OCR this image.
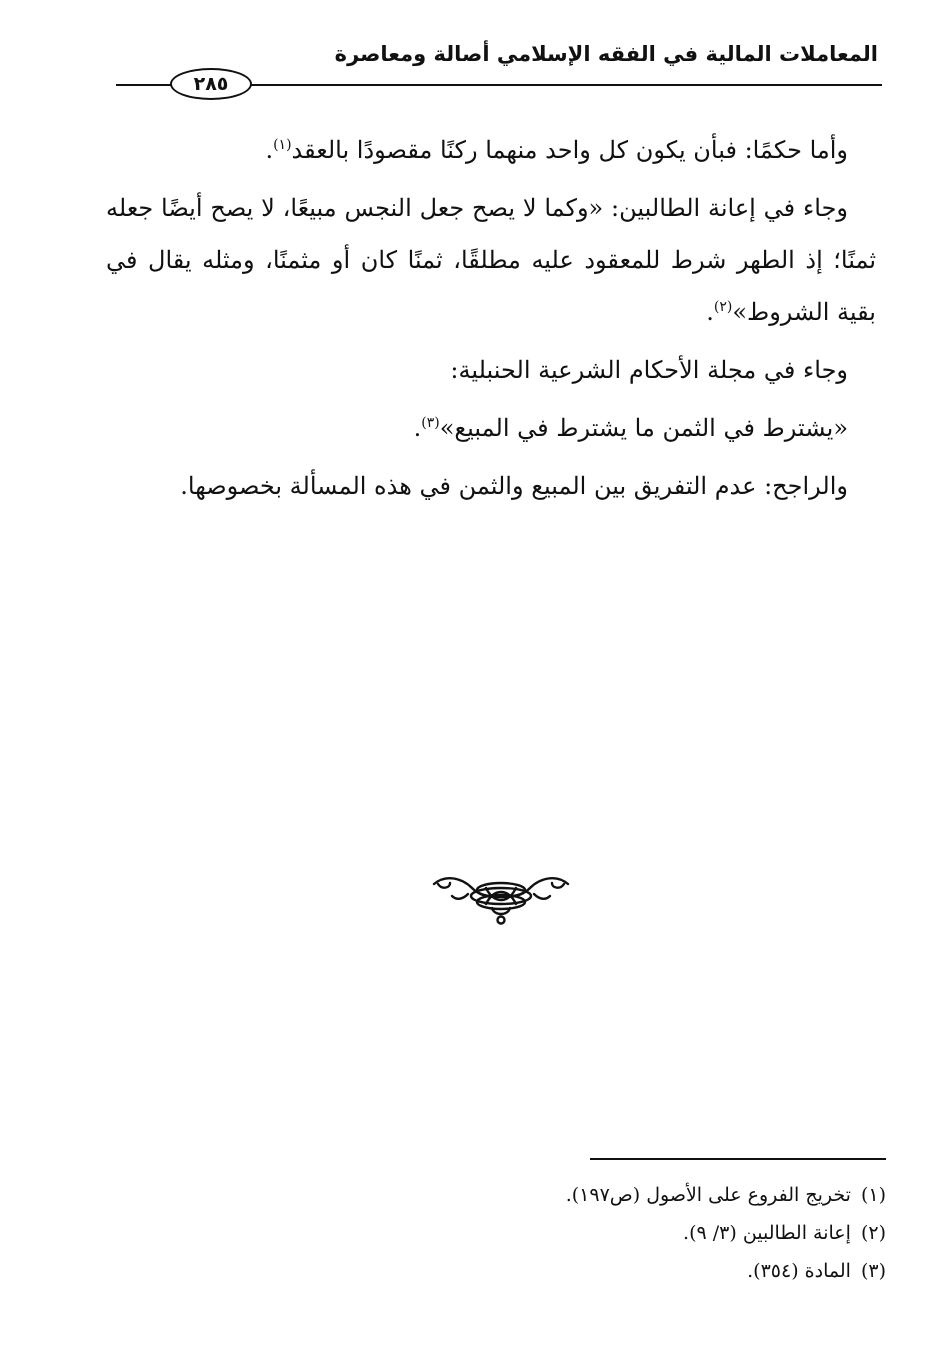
المعاملات المالية في الفقه الإسلامي أصالة ومعاصرة
٢٨٥

وأما حكمًا: فبأن يكون كل واحد منهما ركنًا مقصودًا بالعقد$^{(١)}$.

وجاء في إعانة الطالبين: «وكما لا يصح جعل النجس مبيعًا، لا يصح أيضًا جعله ثمنًا؛ إذ الطهر شرط للمعقود عليه مطلقًا، ثمنًا كان أو مثمنًا، ومثله يقال في بقية الشروط»$^{(٢)}$.

وجاء في مجلة الأحكام الشرعية الحنبلية:

«يشترط في الثمن ما يشترط في المبيع»$^{(٣)}$.

والراجح: عدم التفريق بين المبيع والثمن في هذه المسألة بخصوصها.

(١)تخريج الفروع على الأصول (ص١٩٧).

(٢)إعانة الطالبين (٣/ ٩).

(٣)المادة (٣٥٤).
